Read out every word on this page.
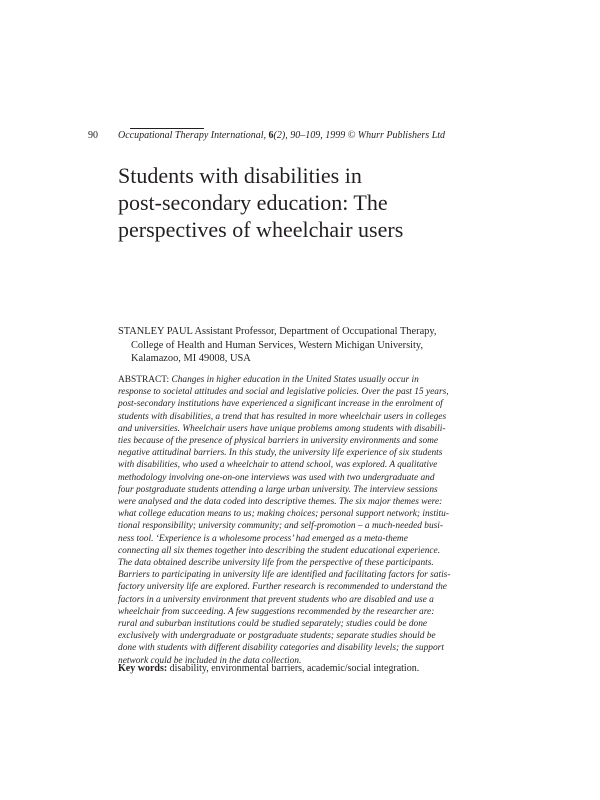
90 Occupational Therapy International, 6(2), 90–109, 1999 © Whurr Publishers Ltd
Students with disabilities in
post-secondary education: The
perspectives of wheelchair users
STANLEY PAUL Assistant Professor, Department of Occupational Therapy,
College of Health and Human Services, Western Michigan University,
Kalamazoo, MI 49008, USA
ABSTRACT: Changes in higher education in the United States usually occur in
response to societal attitudes and social and legislative policies. Over the past 15 years,
post-secondary institutions have experienced a significant increase in the enrolment of
students with disabilities, a trend that has resulted in more wheelchair users in colleges
and universities. Wheelchair users have unique problems among students with disabili-
ties because of the presence of physical barriers in university environments and some
negative attitudinal barriers. In this study, the university life experience of six students
with disabilities, who used a wheelchair to attend school, was explored. A qualitative
methodology involving one-on-one interviews was used with two undergraduate and
four postgraduate students attending a large urban university. The interview sessions
were analysed and the data coded into descriptive themes. The six major themes were:
what college education means to us; making choices; personal support network; institu-
tional responsibility; university community; and self-promotion – a much-needed busi-
ness tool. ‘Experience is a wholesome process’ had emerged as a meta-theme
connecting all six themes together into describing the student educational experience.
The data obtained describe university life from the perspective of these participants.
Barriers to participating in university life are identified and facilitating factors for satis-
factory university life are explored. Further research is recommended to understand the
factors in a university environment that prevent students who are disabled and use a
wheelchair from succeeding. A few suggestions recommended by the researcher are:
rural and suburban institutions could be studied separately; studies could be done
exclusively with undergraduate or postgraduate students; separate studies should be
done with students with different disability categories and disability levels; the support
network could be included in the data collection.
Key words: disability, environmental barriers, academic/social integration.
